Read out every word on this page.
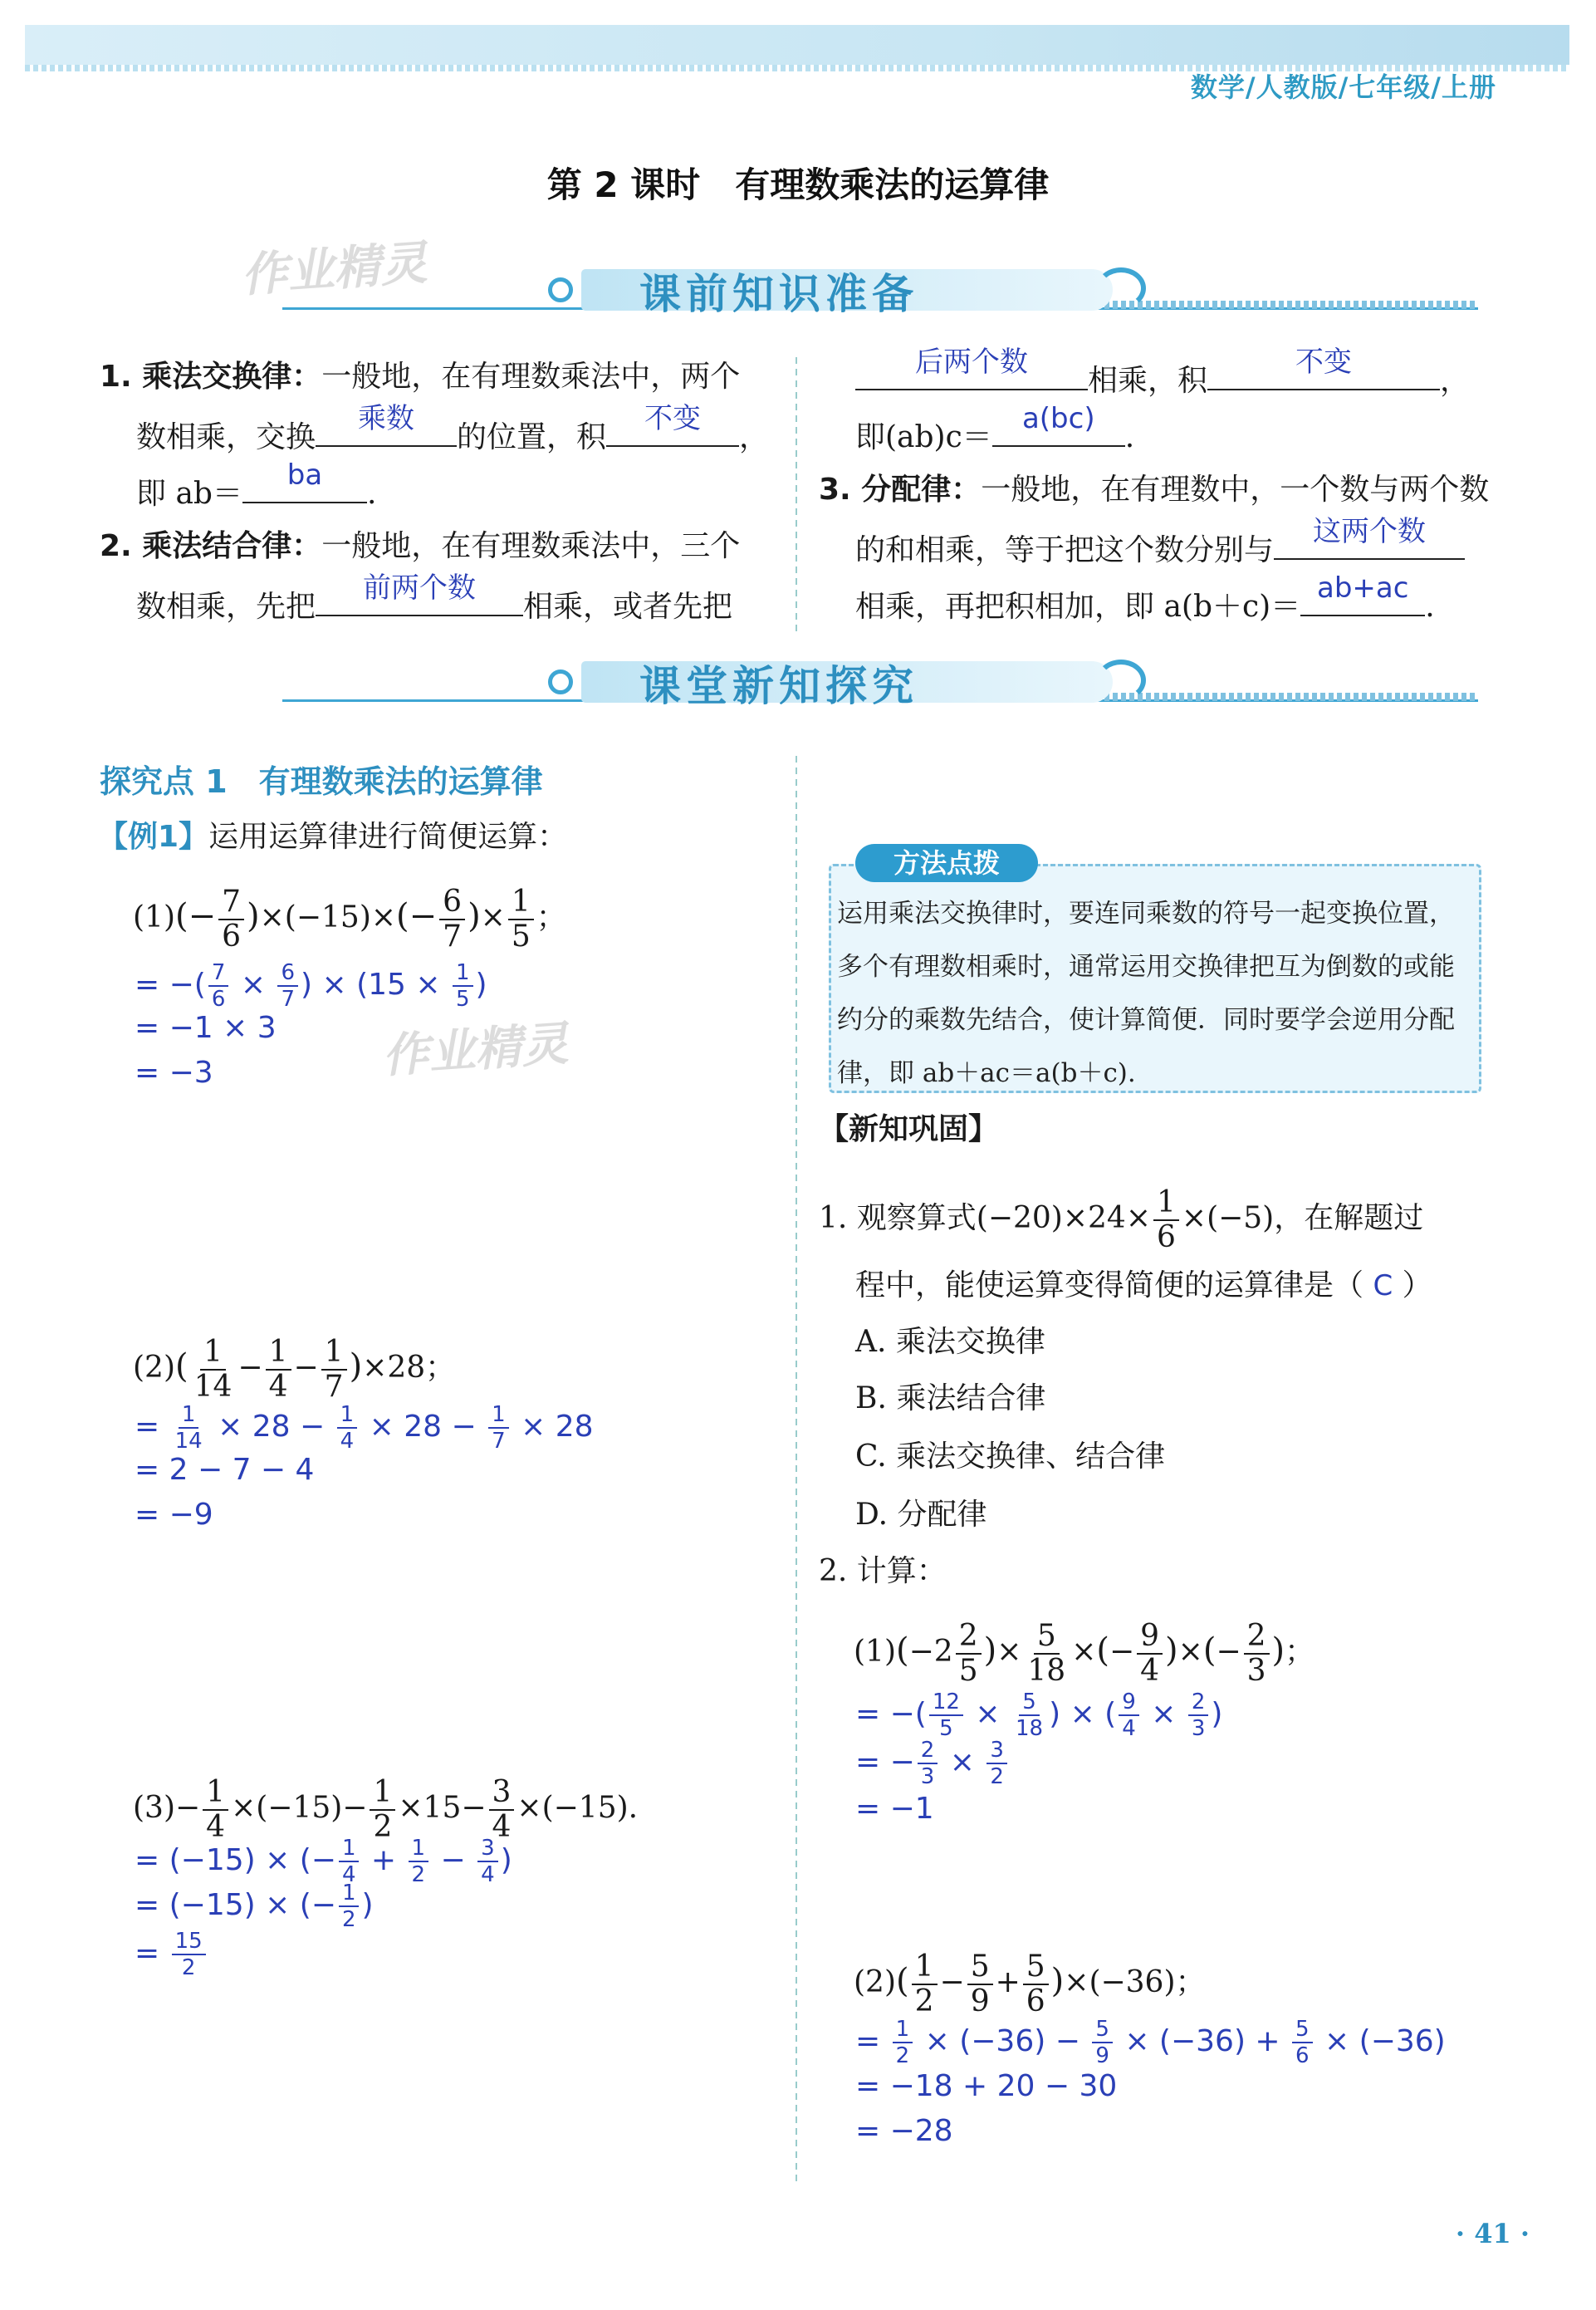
数学/人教版/七年级/上册
第 2 课时　有理数乘法的运算律
作业精灵
作业精灵
课前知识准备
1. 乘法交换律：一般地，在有理数乘法中，两个
数相乘，交换
乘数
的位置，积
不变
，
即 ab＝
ba
.
2. 乘法结合律：一般地，在有理数乘法中，三个
数相乘，先把
前两个数
相乘，或者先把
后两个数
相乘，积
不变
，
即(ab)c＝
a(bc)
.
3. 分配律：一般地，在有理数中，一个数与两个数
的和相乘，等于把这个数分别与
这两个数
相乘，再把积相加，即 a(b＋c)＝
ab+ac
.
课堂新知探究
探究点 1　有理数乘法的运算律
【例1】运用运算律进行简便运算：
$(1)(- \frac{7}{6} )\times(-15)\times(- \frac{6}{7}$ )× $\frac{1}{5}$ ；
= −( $\frac{7}{6} \times \frac{6}{7}$ ) × ($15 \times \frac{1}{5}$ )
= −1 × 3
= −3
$(2)( \frac{1}{14} - \frac{1}{4} - \frac{1}{7} )\times 28$；
= $\frac{1}{14} \times 28 - \frac{1}{4} \times 28 - \frac{1}{7} \times 28$
= 2 − 7 − 4
= −9
$(3)- \frac{1}{4} \times(-15)- \frac{1}{2} \times 15- \frac{3}{4} \times(-15)$.
= (−15) × (− $\frac{1}{4} + \frac{1}{2} - \frac{3}{4}$ )
= (−15) × (− $\frac{1}{2}$ )
= $\frac{15}{2}$
方法点拨
运用乘法交换律时，要连同乘数的符号一起变换位置，多个有理数相乘时，通常运用交换律把互为倒数的或能约分的乘数先结合，使计算简便．同时要学会逆用分配律，即 ab＋ac＝a(b＋c).
【新知巩固】
1. 观察算式$(-20)\times 24\times \frac{1}{6} \times(-5)$，在解题过
程中，能使运算变得简便的运算律是（ C ）
A. 乘法交换律
B. 乘法结合律
C. 乘法交换律、结合律
D. 分配律
2. 计算：
$(1)(-2 \frac{2}{5}$ )× $\frac{5}{18}$ ×(− $\frac{9}{4}$ )×(− $\frac{2}{3}$ )；
= −( $\frac{12}{5} \times \frac{5}{18}$ ) × ( $\frac{9}{4} \times \frac{2}{3}$ )
= − $\frac{2}{3} \times \frac{3}{2}$
= −1
$(2)( \frac{1}{2} - \frac{5}{9} + \frac{5}{6} )\times(-36)$；
= $\frac{1}{2} \times (-36) - \frac{5}{9} \times (-36) + \frac{5}{6} \times (-36)$
= −18 + 20 − 30
= −28
· 41 ·
